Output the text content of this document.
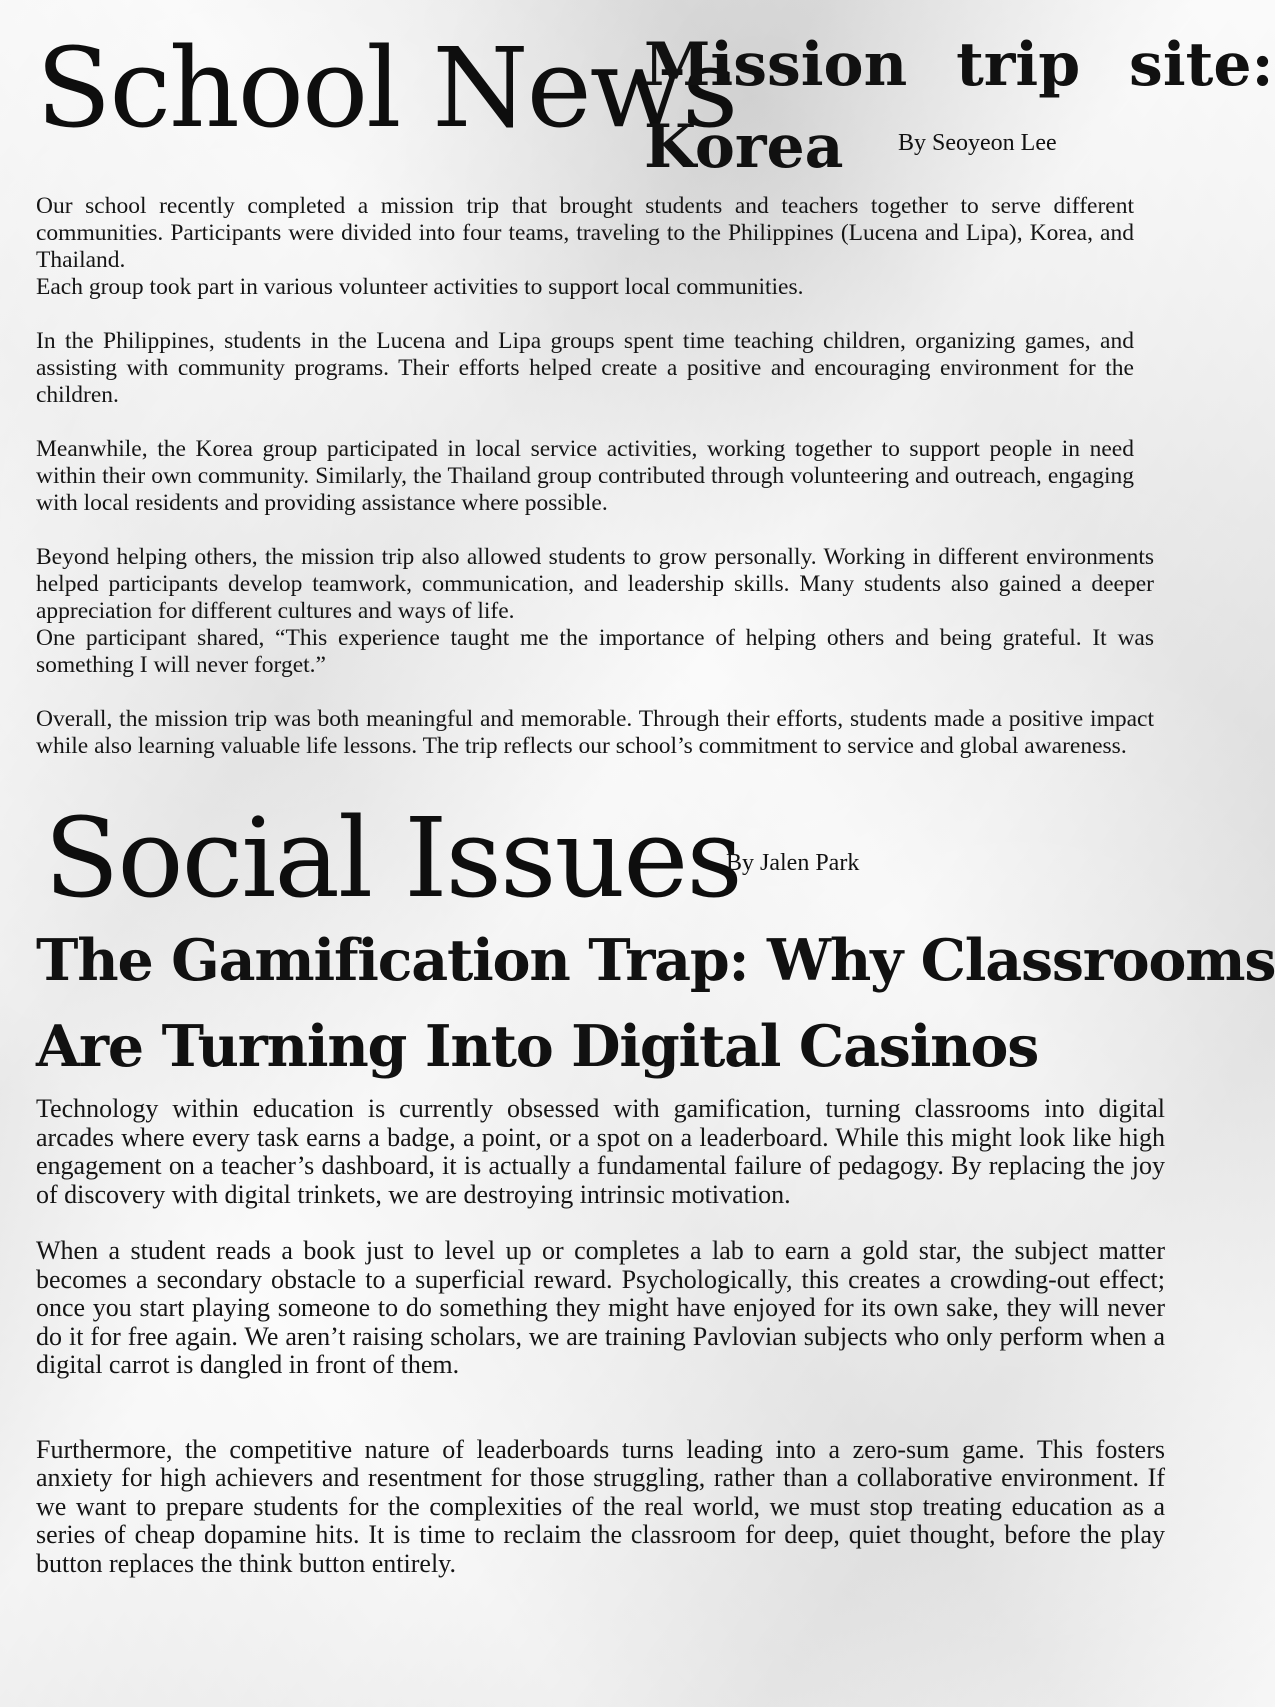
School News
Mission trip site:
Korea By Seoyeon Lee

Our school recently completed a mission trip that brought students and teachers together to serve different communities. Participants were divided into four teams, traveling to the Philippines (Lucena and Lipa), Korea, and Thailand.

Each group took part in various volunteer activities to support local communities.

In the Philippines, students in the Lucena and Lipa groups spent time teaching children, organizing games, and assisting with community programs. Their efforts helped create a positive and encouraging environment for the children.

Meanwhile, the Korea group participated in local service activities, working together to support people in need within their own community. Similarly, the Thailand group contributed through volunteering and outreach, engaging with local residents and providing assistance where possible.

Beyond helping others, the mission trip also allowed students to grow personally. Working in different environments helped participants develop teamwork, communication, and leadership skills. Many students also gained a deeper appreciation for different cultures and ways of life.

One participant shared, “This experience taught me the importance of helping others and being grateful. It was something I will never forget.”

Overall, the mission trip was both meaningful and memorable. Through their efforts, students made a positive impact while also learning valuable life lessons. The trip reflects our school’s commitment to service and global awareness.

Social Issues
By Jalen Park
The Gamification Trap: Why Classrooms
Are Turning Into Digital Casinos

Technology within education is currently obsessed with gamification, turning classrooms into digital arcades where every task earns a badge, a point, or a spot on a leaderboard. While this might look like high engagement on a teacher’s dashboard, it is actually a fundamental failure of pedagogy. By replacing the joy of discovery with digital trinkets, we are destroying intrinsic motivation.

When a student reads a book just to level up or completes a lab to earn a gold star, the subject matter becomes a secondary obstacle to a superficial reward. Psychologically, this creates a crowding-out effect; once you start playing someone to do something they might have enjoyed for its own sake, they will never do it for free again. We aren’t raising scholars, we are training Pavlovian subjects who only perform when a digital carrot is dangled in front of them.

Furthermore, the competitive nature of leaderboards turns leading into a zero-sum game. This fosters anxiety for high achievers and resentment for those struggling, rather than a collaborative environment. If we want to prepare students for the complexities of the real world, we must stop treating education as a series of cheap dopamine hits. It is time to reclaim the classroom for deep, quiet thought, before the play button replaces the think button entirely.
